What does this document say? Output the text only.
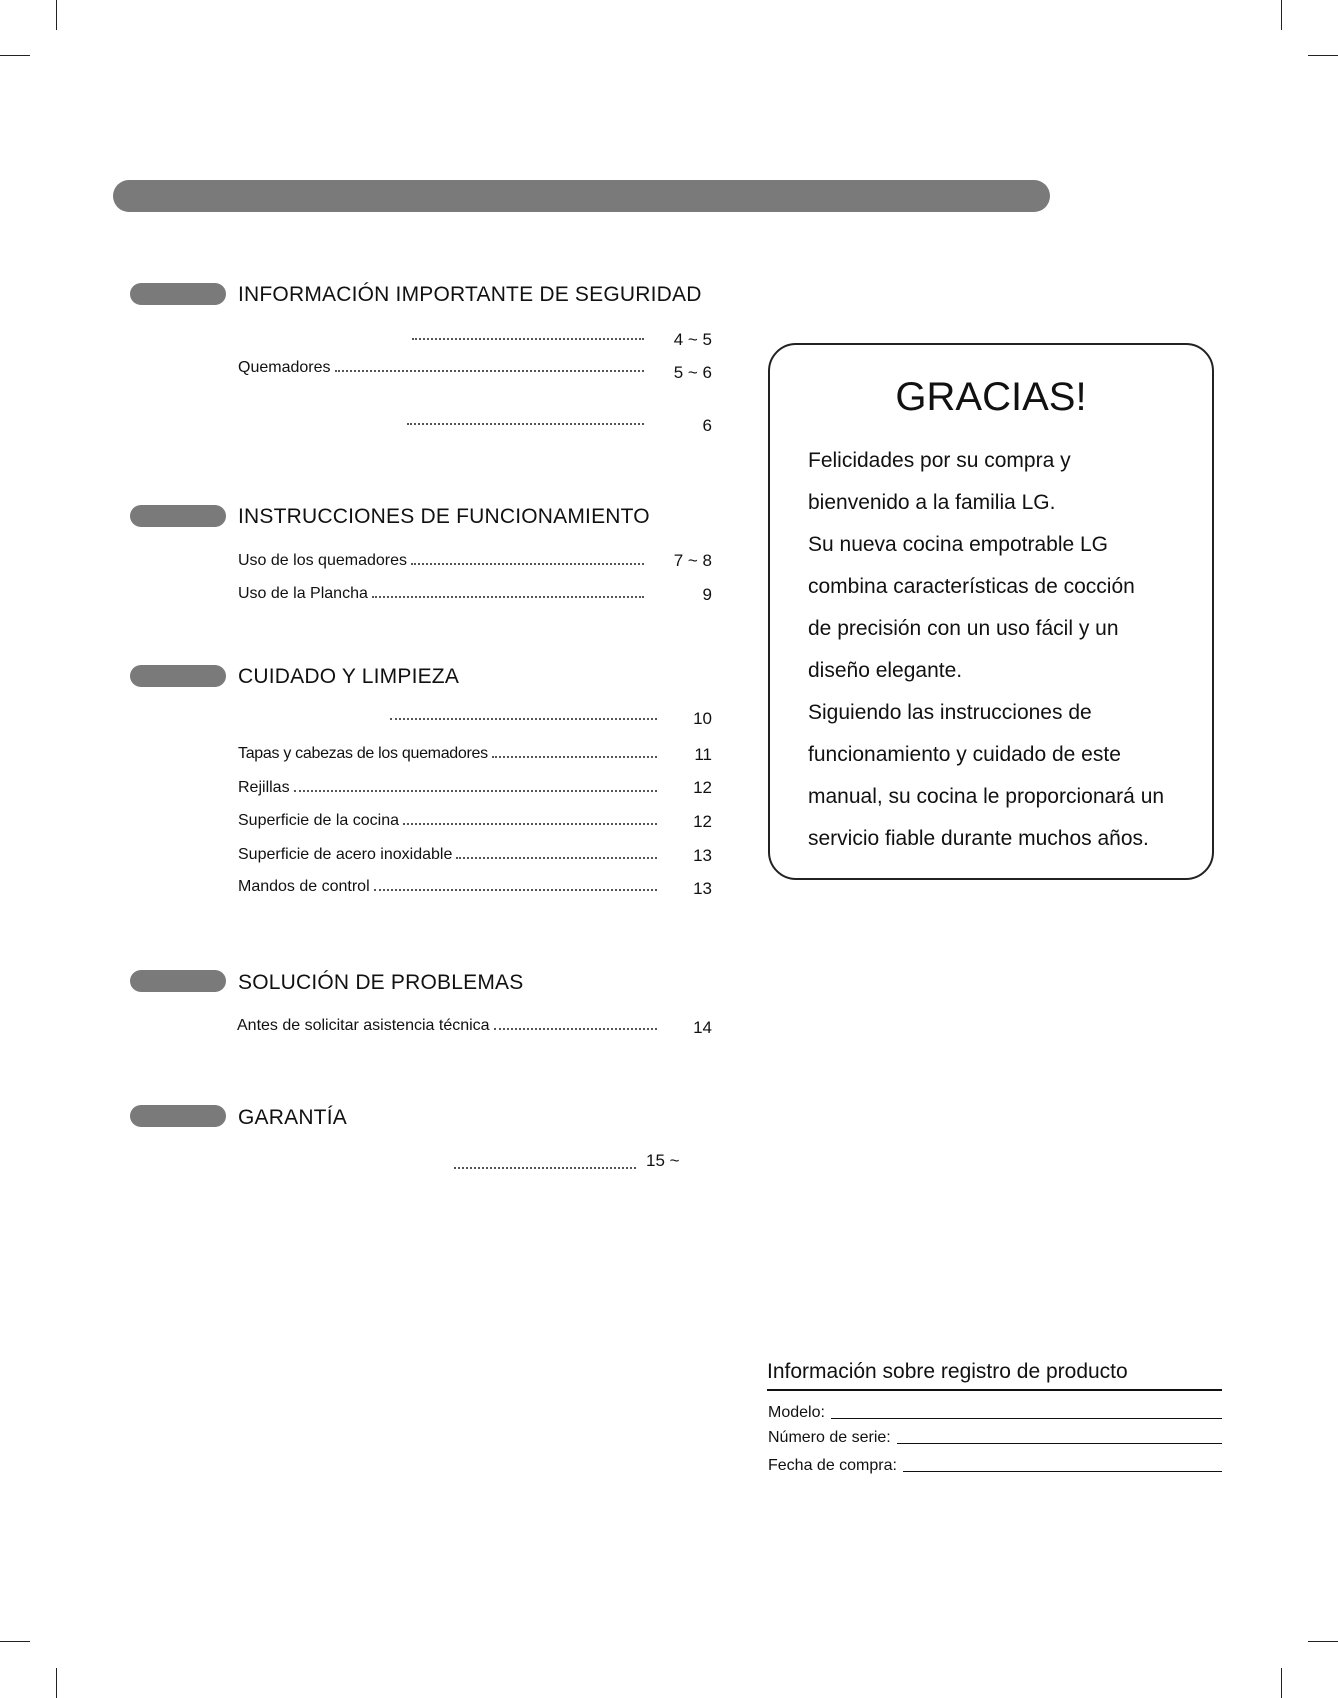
INFORMACIÓN IMPORTANTE DE SEGURIDAD
4 ~ 5
Quemadores	5 ~ 6
6
INSTRUCCIONES DE FUNCIONAMIENTO
Uso de los quemadores	7 ~ 8
Uso de la Plancha	9
CUIDADO Y LIMPIEZA
10
Tapas y cabezas de los quemadores	11
Rejillas	12
Superficie de la cocina	12
Superficie de acero inoxidable	13
Mandos de control	13
SOLUCIÓN DE PROBLEMAS
Antes de solicitar asistencia técnica	14
GARANTÍA
15 ~
GRACIAS!

Felicidades por su compra y
bienvenido a la familia LG.
Su nueva cocina empotrable LG
combina características de cocción
de precisión con un uso fácil y un
diseño elegante.
Siguiendo las instrucciones de
funcionamiento y cuidado de este
manual, su cocina le proporcionará un
servicio fiable durante muchos años.

Información sobre registro de producto
Modelo:
Número de serie:
Fecha de compra:
